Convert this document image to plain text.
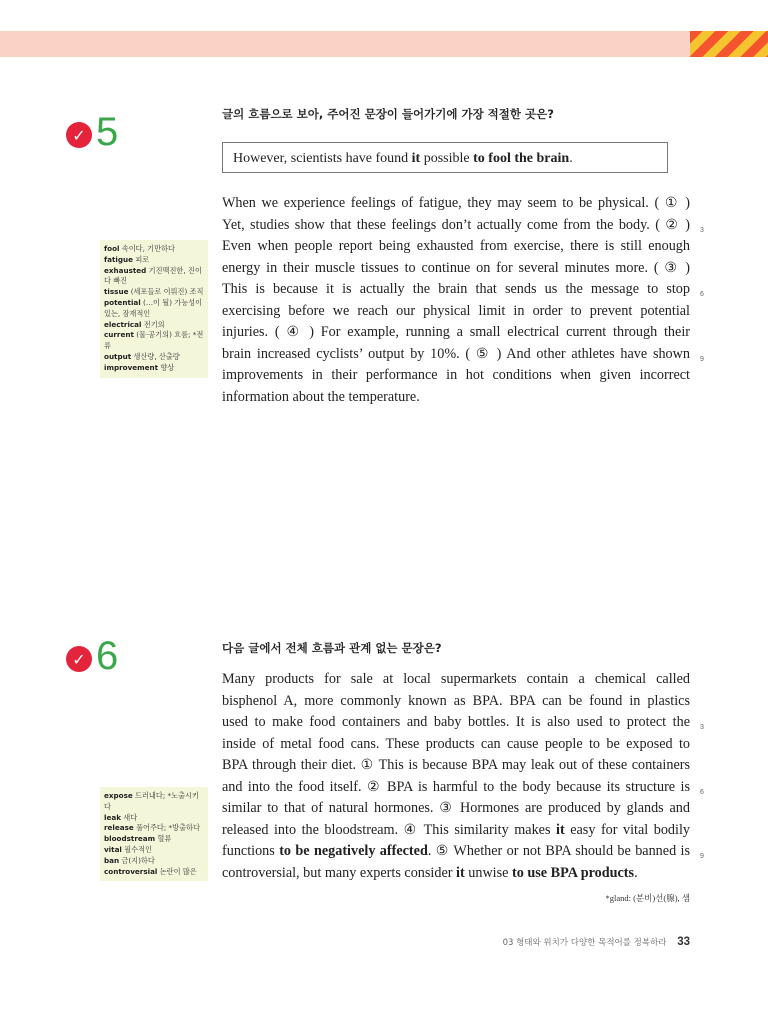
✓ 5	글의 흐름으로 보아, 주어진 문장이 들어가기에 가장 적절한 곳은?
However, scientists have found it possible to fool the brain.
When we experience feelings of fatigue, they may seem to be physical. ( ① )
Yet, studies show that these feelings don’t actually come from the body. ( ② ) 3
Even when people report being exhausted from exercise, there is still enough
energy in their muscle tissues to continue on for several minutes more. ( ③ )
This is because it is actually the brain that sends us the message to stop 6
exercising before we reach our physical limit in order to prevent potential
injuries. ( ④ ) For example, running a small electrical current through their
brain increased cyclists’ output by 10%. ( ⑤ ) And other athletes have shown 9
improvements in their performance in hot conditions when given incorrect
information about the temperature.
fool 속이다, 기만하다
fatigue 피로
exhausted 기진맥진한, 진이 다 빠진
tissue (세포들로 이뤄진) 조직
potential (…이 될) 가능성이 있는, 잠재적인
electrical 전기의
current (물·공기의) 흐름; *전류
output 생산량, 산출량
improvement 향상
✓ 6	다음 글에서 전체 흐름과 관계 없는 문장은?
Many products for sale at local supermarkets contain a chemical called
bisphenol A, more commonly known as BPA. BPA can be found in plastics
used to make food containers and baby bottles. It is also used to protect the 3
inside of metal food cans. These products can cause people to be exposed to
BPA through their diet. ① This is because BPA may leak out of these containers
and into the food itself. ② BPA is harmful to the body because its structure is 6
similar to that of natural hormones. ③ Hormones are produced by glands and
released into the bloodstream. ④ This similarity makes it easy for vital bodily
functions to be negatively affected. ⑤ Whether or not BPA should be banned is 9
controversial, but many experts consider it unwise to use BPA products.
expose 드러내다; *노출시키다
leak 새다
release 풀어주다; *방출하다
bloodstream 혈류
vital 필수적인
ban 금(지)하다
controversial 논란이 많은
*gland: (분비)선(腺), 샘
03 형태와 위치가 다양한 목적어를 정복하라 33
